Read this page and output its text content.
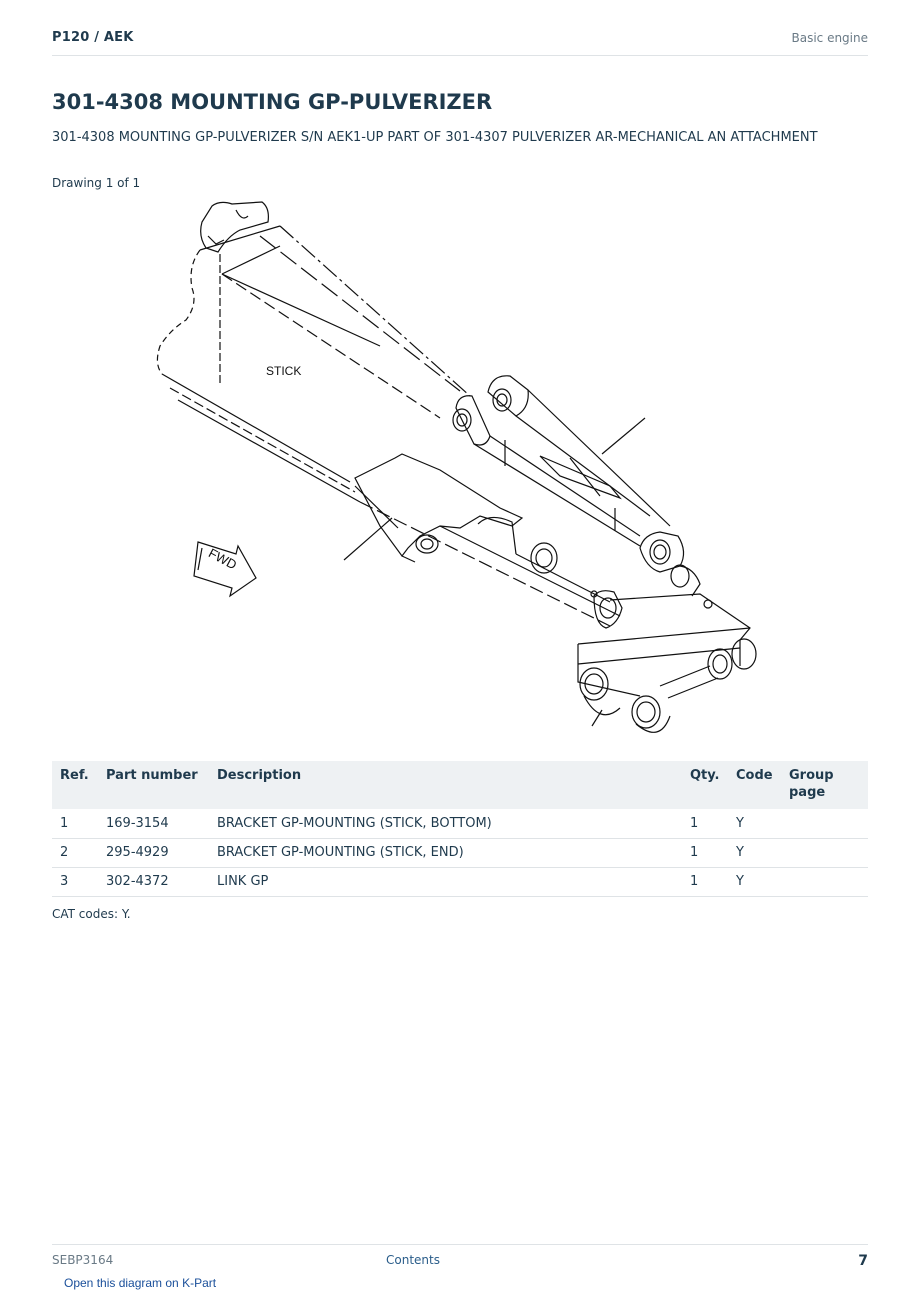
P120 / AEK	Basic engine
301-4308 MOUNTING GP-PULVERIZER
301-4308 MOUNTING GP-PULVERIZER S/N AEK1-UP PART OF 301-4307 PULVERIZER AR-MECHANICAL AN ATTACHMENT
Drawing 1 of 1
STICK
FWD
Ref.	Part number	Description	Qty.	Code	Group page
1	169-3154	BRACKET GP-MOUNTING (STICK, BOTTOM)	1	Y	
2	295-4929	BRACKET GP-MOUNTING (STICK, END)	1	Y	
3	302-4372	LINK GP	1	Y	
CAT codes: Y.
SEBP3164	Contents	7
Open this diagram on K-Part
